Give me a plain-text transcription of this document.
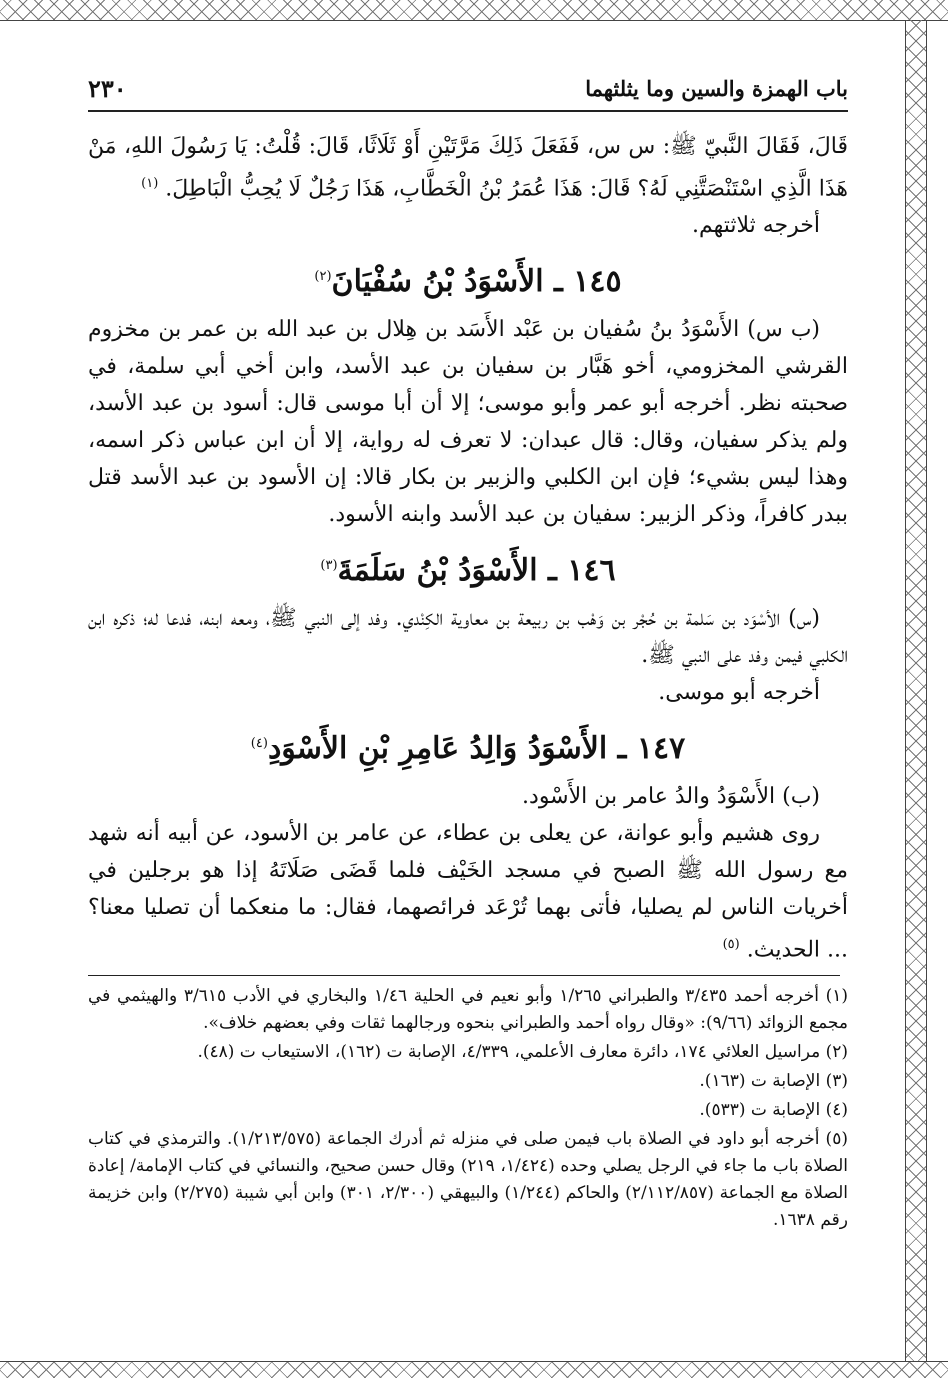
باب الهمزة والسين وما يثلثهما
٢٣٠

قَالَ، فَقَالَ النَّبيّ ﷺ: س س، فَفَعَلَ ذَلِكَ مَرَّتَيْنِ أَوْ ثَلَاثًا، قَالَ: قُلْتُ: يَا رَسُولَ اللهِ، مَنْ هَذَا الَّذِي اسْتَنْصَتَّنِي لَهُ؟ قَالَ: هَذَا عُمَرُ بْنُ الْخَطَّابِ، هَذَا رَجُلٌ لَا يُحِبُّ الْبَاطِلَ. $^{(١)}$

أخرجه ثلاثتهم.

١٤٥ ـ الأَسْوَدُ بْنُ سُفْيَانَ$^{(٢)}$

(ب س) الأَسْوَدُ بنُ سُفيان بن عَبْد الأَسَد بن هِلال بن عبد الله بن عمر بن مخزوم القرشي المخزومي، أخو هَبَّار بن سفيان بن عبد الأسد، وابن أخي أبي سلمة، في صحبته نظر. أخرجه أبو عمر وأبو موسى؛ إلا أن أبا موسى قال: أسود بن عبد الأسد، ولم يذكر سفيان، وقال: قال عبدان: لا تعرف له رواية، إلا أن ابن عباس ذكر اسمه، وهذا ليس بشيء؛ فإن ابن الكلبي والزبير بن بكار قالا: إن الأسود بن عبد الأسد قتل ببدر كافراً، وذكر الزبير: سفيان بن عبد الأسد وابنه الأسود.

١٤٦ ـ الأَسْوَدُ بْنُ سَلَمَةَ$^{(٣)}$

(س) الأسْوَد بن سَلمة بن حُجْر بن وَهْب بن ربيعة بن معاوية الكِنْدي. وفد إلى النبي ﷺ، ومعه ابنه، فدعا له؛ ذكره ابن الكلبي فيمن وفد على النبي ﷺ.

أخرجه أبو موسى.

١٤٧ ـ الأَسْوَدُ وَالِدُ عَامِرِ بْنِ الأَسْوَدِ$^{(٤)}$

(ب) الأَسْوَدُ والدُ عامر بن الأَسْود.

روى هشيم وأبو عوانة، عن يعلى بن عطاء، عن عامر بن الأسود، عن أبيه أنه شهد مع رسول الله ﷺ الصبح في مسجد الخَيْف فلما قَضَى صَلَاتَهُ إذا هو برجلين في أخريات الناس لم يصليا، فأتى بهما تُرْعَد فرائصهما، فقال: ما منعكما أن تصليا معنا؟ ... الحديث. $^{(٥)}$

(١) أخرجه أحمد ٣/٤٣٥ والطبراني ١/٢٦٥ وأبو نعيم في الحلية ١/٤٦ والبخاري في الأدب ٣/٦١٥ والهيثمي في مجمع الزوائد (٩/٦٦): «وقال رواه أحمد والطبراني بنحوه ورجالهما ثقات وفي بعضهم خلاف».

(٢) مراسيل العلائي ١٧٤، دائرة معارف الأعلمي، ٤/٣٣٩، الإصابة ت (١٦٢)، الاستيعاب ت (٤٨).

(٣) الإصابة ت (١٦٣).

(٤) الإصابة ت (٥٣٣).

(٥) أخرجه أبو داود في الصلاة باب فيمن صلى في منزله ثم أدرك الجماعة (١/٢١٣/٥٧٥). والترمذي في كتاب الصلاة باب ما جاء في الرجل يصلي وحده (١/٤٢٤، ٢١٩) وقال حسن صحيح، والنسائي في كتاب الإمامة/ إعادة الصلاة مع الجماعة (٢/١١٢/٨٥٧) والحاكم (١/٢٤٤) والبيهقي (٢/٣٠٠، ٣٠١) وابن أبي شيبة (٢/٢٧٥) وابن خزيمة رقم ١٦٣٨.
